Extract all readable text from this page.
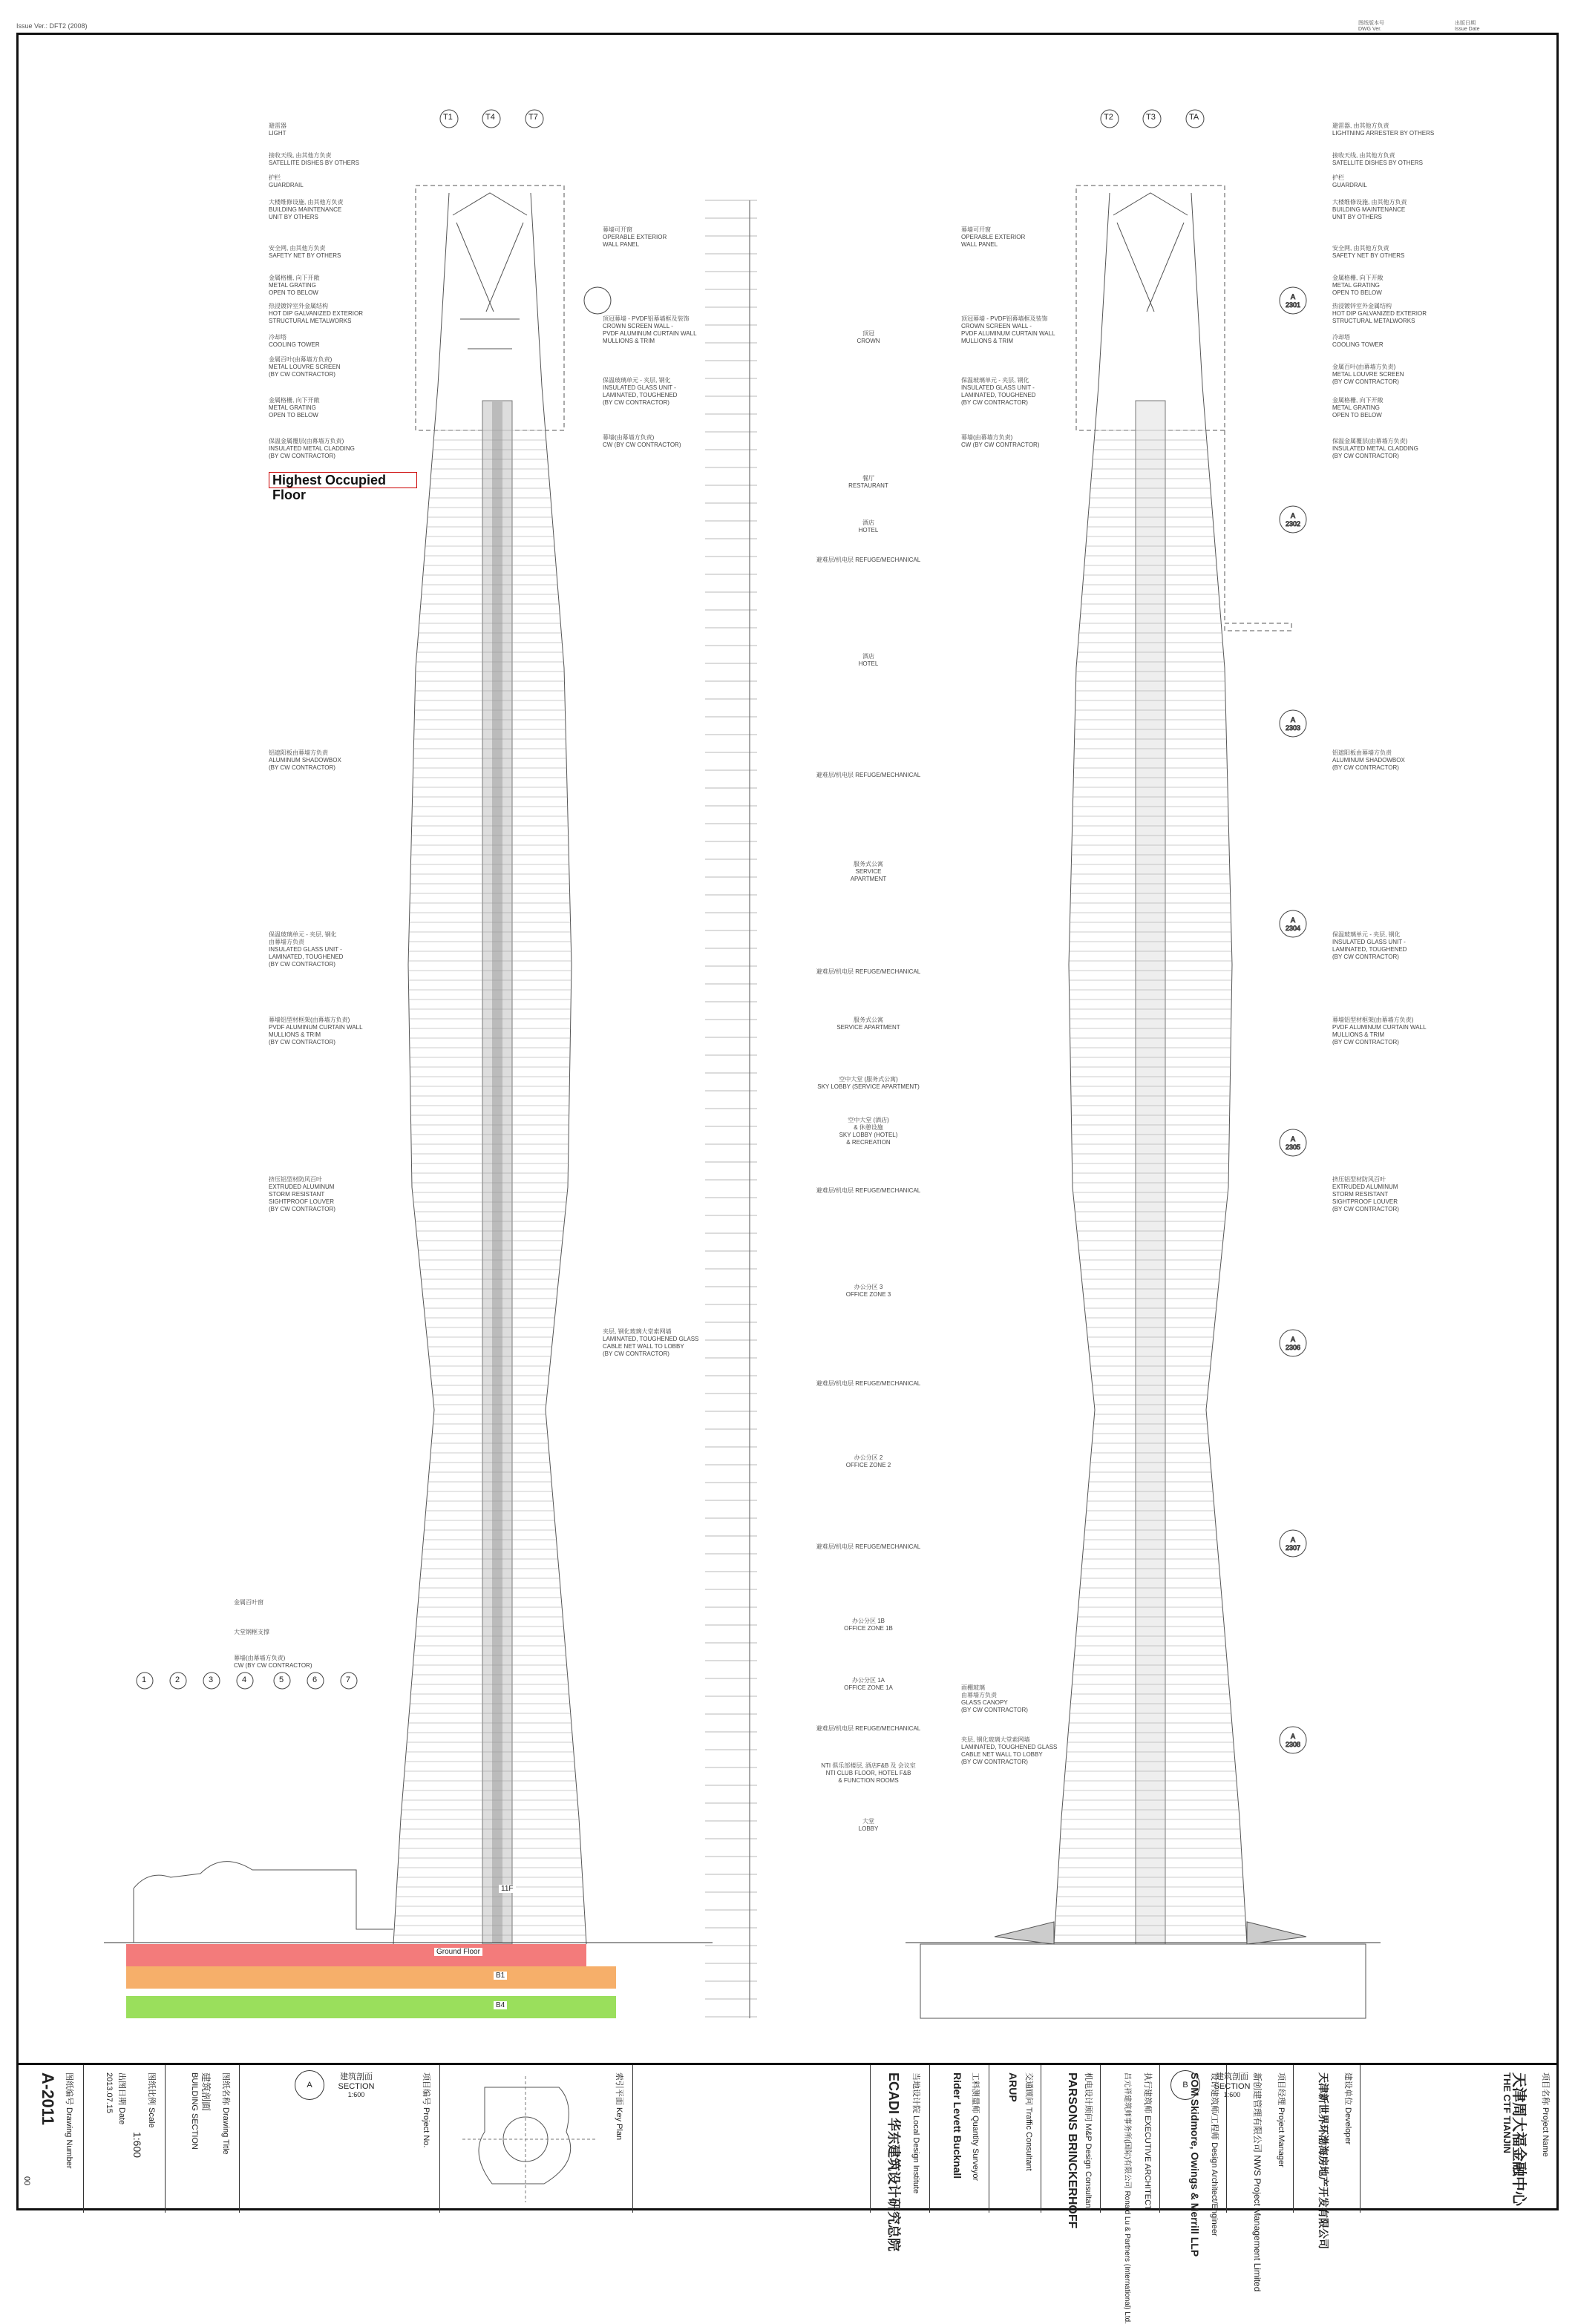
Issue Ver.: DFT2 (2008)	图纸版本号
DWG Ver.
出版日期
Issue Date
A
2301
A
2302
A
2303
A
2304
A
2305
A
2306
A
2307
A
2308
T1	T4	T7	T2	T3	TA
1	2	3	4	5	6	7
Highest Occupied Floor
Ground Floor
B1
B4
11F
避雷器
LIGHT
接收天线, 由其他方负责
SATELLITE DISHES BY OTHERS
护栏
GUARDRAIL
大楼维修设施, 由其他方负责
BUILDING MAINTENANCE
UNIT BY OTHERS
安全网, 由其他方负责
SAFETY NET BY OTHERS
金属格栅, 向下开敞
METAL GRATING
OPEN TO BELOW
热浸镀锌室外金属结构
HOT DIP GALVANIZED EXTERIOR
STRUCTURAL METALWORKS
冷却塔
COOLING TOWER
金属百叶(由幕墙方负责)
METAL LOUVRE SCREEN
(BY CW CONTRACTOR)
金属格栅, 向下开敞
METAL GRATING
OPEN TO BELOW
保温金属覆层(由幕墙方负责)
INSULATED METAL CLADDING
(BY CW CONTRACTOR)
铝遮阳板由幕墙方负责
ALUMINUM SHADOWBOX
(BY CW CONTRACTOR)
保温玻璃单元 - 夹层, 钢化
由幕墙方负责
INSULATED GLASS UNIT -
LAMINATED, TOUGHENED
(BY CW CONTRACTOR)
幕墙铝型材框架(由幕墙方负责)
PVDF ALUMINUM CURTAIN WALL
MULLIONS & TRIM
(BY CW CONTRACTOR)
挤压铝型材防风百叶
EXTRUDED ALUMINUM
STORM RESISTANT
SIGHTPROOF LOUVER
(BY CW CONTRACTOR)
幕墙可开窗
OPERABLE EXTERIOR
WALL PANEL
顶冠幕墙 - PVDF铝幕墙框及装饰
CROWN SCREEN WALL -
PVDF ALUMINUM CURTAIN WALL
MULLIONS & TRIM
保温玻璃单元 - 夹层, 钢化
INSULATED GLASS UNIT -
LAMINATED, TOUGHENED
(BY CW CONTRACTOR)
幕墙(由幕墙方负责)
CW (BY CW CONTRACTOR)
夹层, 钢化玻璃大堂索网墙
LAMINATED, TOUGHENED GLASS
CABLE NET WALL TO LOBBY
(BY CW CONTRACTOR)
幕墙可开窗
OPERABLE EXTERIOR
WALL PANEL
顶冠幕墙 - PVDF铝幕墙框及装饰
CROWN SCREEN WALL -
PVDF ALUMINUM CURTAIN WALL
MULLIONS & TRIM
保温玻璃单元 - 夹层, 钢化
INSULATED GLASS UNIT -
LAMINATED, TOUGHENED
(BY CW CONTRACTOR)
幕墙(由幕墙方负责)
CW (BY CW CONTRACTOR)
雨棚玻璃
由幕墙方负责
GLASS CANOPY
(BY CW CONTRACTOR)
夹层, 钢化玻璃大堂索网墙
LAMINATED, TOUGHENED GLASS
CABLE NET WALL TO LOBBY
(BY CW CONTRACTOR)
避雷器, 由其他方负责
LIGHTNING ARRESTER BY OTHERS
接收天线, 由其他方负责
SATELLITE DISHES BY OTHERS
护栏
GUARDRAIL
大楼维修设施, 由其他方负责
BUILDING MAINTENANCE
UNIT BY OTHERS
安全网, 由其他方负责
SAFETY NET BY OTHERS
金属格栅, 向下开敞
METAL GRATING
OPEN TO BELOW
热浸镀锌室外金属结构
HOT DIP GALVANIZED EXTERIOR
STRUCTURAL METALWORKS
冷却塔
COOLING TOWER
金属百叶(由幕墙方负责)
METAL LOUVRE SCREEN
(BY CW CONTRACTOR)
金属格栅, 向下开敞
METAL GRATING
OPEN TO BELOW
保温金属覆层(由幕墙方负责)
INSULATED METAL CLADDING
(BY CW CONTRACTOR)
铝遮阳板由幕墙方负责
ALUMINUM SHADOWBOX
(BY CW CONTRACTOR)
保温玻璃单元 - 夹层, 钢化
INSULATED GLASS UNIT -
LAMINATED, TOUGHENED
(BY CW CONTRACTOR)
幕墙铝型材框架(由幕墙方负责)
PVDF ALUMINUM CURTAIN WALL
MULLIONS & TRIM
(BY CW CONTRACTOR)
挤压铝型材防风百叶
EXTRUDED ALUMINUM
STORM RESISTANT
SIGHTPROOF LOUVER
(BY CW CONTRACTOR)
金属百叶窗
大堂钢框支撑
幕墙(由幕墙方负责)
CW (BY CW CONTRACTOR)
顶冠
CROWN
餐厅
RESTAURANT
酒店
HOTEL
避难层/机电层 REFUGE/MECHANICAL
酒店
HOTEL
避难层/机电层 REFUGE/MECHANICAL
服务式公寓
SERVICE
APARTMENT
避难层/机电层 REFUGE/MECHANICAL
服务式公寓
SERVICE APARTMENT
空中大堂 (服务式公寓)
SKY LOBBY (SERVICE APARTMENT)
空中大堂 (酒店)
& 休憩设施
SKY LOBBY (HOTEL)
& RECREATION
避难层/机电层 REFUGE/MECHANICAL
办公分区 3
OFFICE ZONE 3
避难层/机电层 REFUGE/MECHANICAL
办公分区 2
OFFICE ZONE 2
避难层/机电层 REFUGE/MECHANICAL
办公分区 1B
OFFICE ZONE 1B
办公分区 1A
OFFICE ZONE 1A
避难层/机电层 REFUGE/MECHANICAL
NTI 俱乐部楼层, 酒店F&B 及 会议室
NTI CLUB FLOOR, HOTEL F&B
& FUNCTION ROOMS
大堂
LOBBY
A
建筑剖面
SECTION
1:600
B
建筑剖面
SECTION
1:600
图纸编号 Drawing Number
A-2011
00
图纸比例 Scale
1:600
出图日期 Date
2013.07.15	图纸名称 Drawing Title
建筑剖面
BUILDING SECTION	项目编号 Project No.	索引平面 Key Plan	当地设计院 Local Design Institute
ECADI 华东建筑设计研究总院	工料测量师 Quantity Surveyor
Rider Levett Bucknall	交通顾问 Traffic Consultant
ARUP	机电设计顾问 M&P Design Consultant
PARSONS BRINCKERHOFF	执行建筑师 EXECUTIVE ARCHITECT
吕元祥建筑师事务所(国际)有限公司 Ronald Lu & Partners (International) Ltd.	设计建筑师/工程师 Design Architect/Engineer
SOM Skidmore, Owings & Merrill LLP	项目经理 Project Manager
新创建管理有限公司 NWS Project Management Limited	建设单位 Developer
天津新世界环渤海房地产开发有限公司	项目名称 Project Name
天津周大福金融中心
THE CTF TIANJIN
